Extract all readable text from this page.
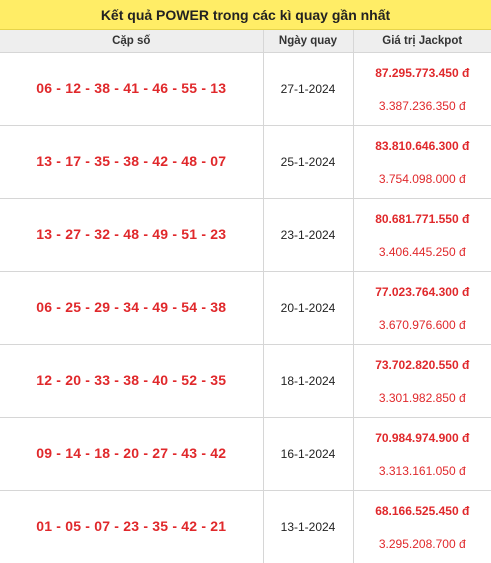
Kết quả POWER trong các kì quay gần nhất
Cặp số	Ngày quay	Giá trị Jackpot
06 - 12 - 38 - 41 - 46 - 55 - 13	27-1-2024	87.295.773.450 đ
3.387.236.350 đ

13 - 17 - 35 - 38 - 42 - 48 - 07	25-1-2024	83.810.646.300 đ
3.754.098.000 đ

13 - 27 - 32 - 48 - 49 - 51 - 23	23-1-2024	80.681.771.550 đ
3.406.445.250 đ

06 - 25 - 29 - 34 - 49 - 54 - 38	20-1-2024	77.023.764.300 đ
3.670.976.600 đ

12 - 20 - 33 - 38 - 40 - 52 - 35	18-1-2024	73.702.820.550 đ
3.301.982.850 đ

09 - 14 - 18 - 20 - 27 - 43 - 42	16-1-2024	70.984.974.900 đ
3.313.161.050 đ

01 - 05 - 07 - 23 - 35 - 42 - 21	13-1-2024	68.166.525.450 đ
3.295.208.700 đ
